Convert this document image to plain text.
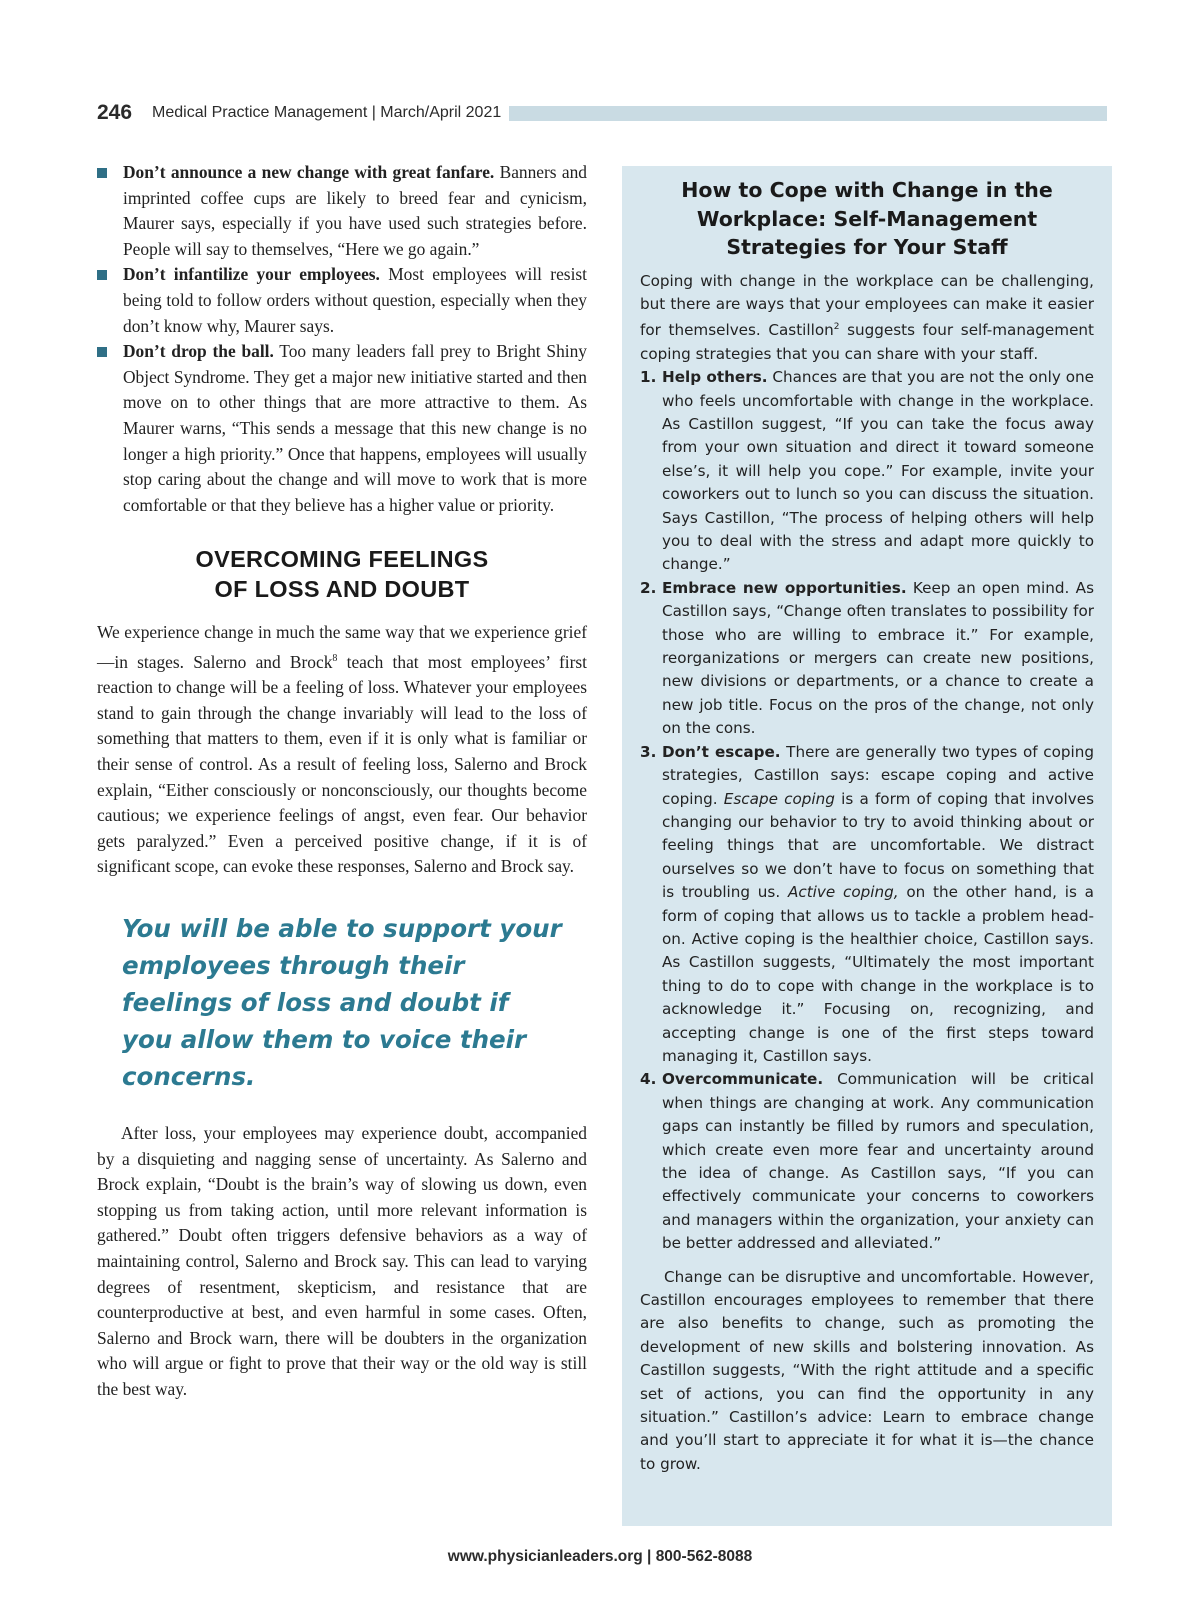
246 Medical Practice Management | March/April 2021
Don’t announce a new change with great fanfare. Banners and imprinted coffee cups are likely to breed fear and cynicism, Maurer says, especially if you have used such strategies before. People will say to themselves, “Here we go again.”
Don’t infantilize your employees. Most employees will resist being told to follow orders without question, especially when they don’t know why, Maurer says.
Don’t drop the ball. Too many leaders fall prey to Bright Shiny Object Syndrome. They get a major new initiative started and then move on to other things that are more attractive to them. As Maurer warns, “This sends a message that this new change is no longer a high priority.” Once that happens, employees will usually stop caring about the change and will move to work that is more comfortable or that they believe has a higher value or priority.
OVERCOMING FEELINGS
OF LOSS AND DOUBT

We experience change in much the same way that we experience grief—in stages. Salerno and Brock$^8$ teach that most employees’ first reaction to change will be a feeling of loss. Whatever your employees stand to gain through the change invariably will lead to the loss of something that matters to them, even if it is only what is familiar or their sense of control. As a result of feeling loss, Salerno and Brock explain, “Either consciously or nonconsciously, our thoughts become cautious; we experience feelings of angst, even fear. Our behavior gets paralyzed.” Even a perceived positive change, if it is of significant scope, can evoke these responses, Salerno and Brock say.

You will be able to support your employees through their feelings of loss and doubt if you allow them to voice their concerns.

After loss, your employees may experience doubt, accompanied by a disquieting and nagging sense of uncertainty. As Salerno and Brock explain, “Doubt is the brain’s way of slowing us down, even stopping us from taking action, until more relevant information is gathered.” Doubt often triggers defensive behaviors as a way of maintaining control, Salerno and Brock say. This can lead to varying degrees of resentment, skepticism, and resistance that are counterproductive at best, and even harmful in some cases. Often, Salerno and Brock warn, there will be doubters in the organization who will argue or fight to prove that their way or the old way is still the best way.

How to Cope with Change in the Workplace: Self-Management Strategies for Your Staff

Coping with change in the workplace can be challenging, but there are ways that your employees can make it easier for themselves. Castillon$^2$ suggests four self-management coping strategies that you can share with your staff.

1. Help others. Chances are that you are not the only one who feels uncomfortable with change in the workplace. As Castillon suggest, “If you can take the focus away from your own situation and direct it toward someone else’s, it will help you cope.” For example, invite your coworkers out to lunch so you can discuss the situation. Says Castillon, “The process of helping others will help you to deal with the stress and adapt more quickly to change.”
2. Embrace new opportunities. Keep an open mind. As Castillon says, “Change often translates to possibility for those who are willing to embrace it.” For example, reorganizations or mergers can create new positions, new divisions or departments, or a chance to create a new job title. Focus on the pros of the change, not only on the cons.
3. Don’t escape. There are generally two types of coping strategies, Castillon says: escape coping and active coping. Escape coping is a form of coping that involves changing our behavior to try to avoid thinking about or feeling things that are uncomfortable. We distract ourselves so we don’t have to focus on something that is troubling us. Active coping, on the other hand, is a form of coping that allows us to tackle a problem head-on. Active coping is the healthier choice, Castillon says. As Castillon suggests, “Ultimately the most important thing to do to cope with change in the workplace is to acknowledge it.” Focusing on, recognizing, and accepting change is one of the first steps toward managing it, Castillon says.
4. Overcommunicate. Communication will be critical when things are changing at work. Any communication gaps can instantly be filled by rumors and speculation, which create even more fear and uncertainty around the idea of change. As Castillon says, “If you can effectively communicate your concerns to coworkers and managers within the organization, your anxiety can be better addressed and alleviated.”

Change can be disruptive and uncomfortable. However, Castillon encourages employees to remember that there are also benefits to change, such as promoting the development of new skills and bolstering innovation. As Castillon suggests, “With the right attitude and a specific set of actions, you can find the opportunity in any situation.” Castillon’s advice: Learn to embrace change and you’ll start to appreciate it for what it is—the chance to grow.

www.physicianleaders.org | 800-562-8088
